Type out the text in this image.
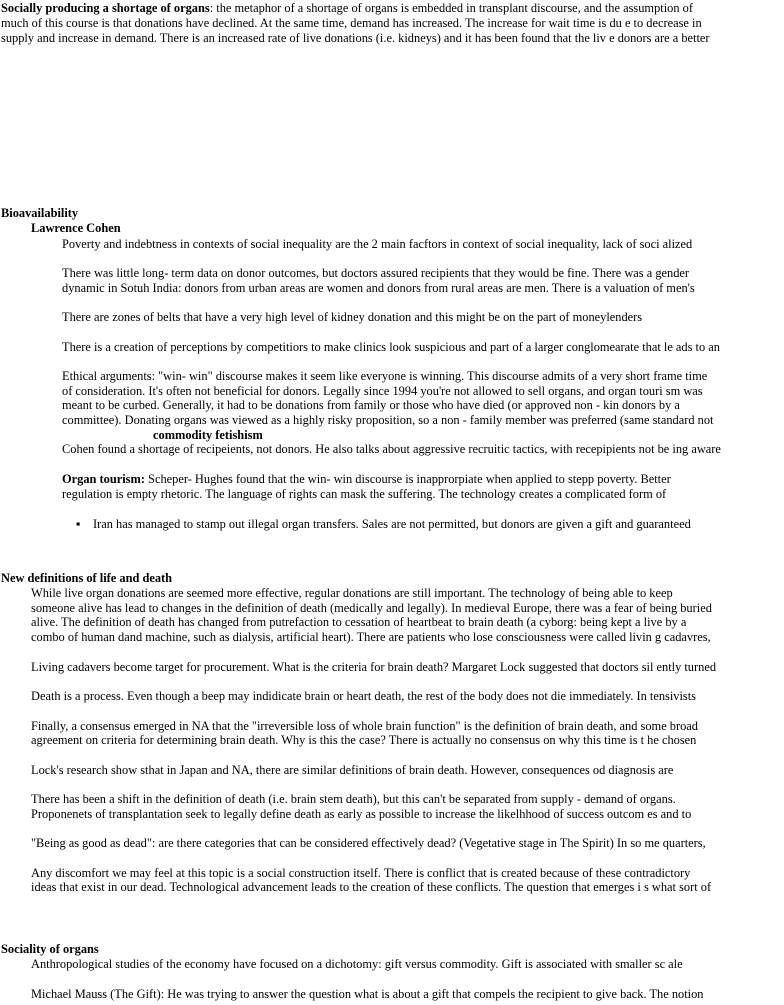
Socially producing a shortage of organs: the metaphor of a shortage of organs is embedded in transplant discourse, and the assumption of
much of this course is that donations have declined. At the same time, demand has increased. The increase for wait time is du e to decrease in
supply and increase in demand. There is an increased rate of live donations (i.e. kidneys) and it has been found that the liv e donors are a better
Bioavailability
Lawrence Cohen
Poverty and indebtness in contexts of social inequality are the 2 main facftors in context of social inequality, lack of soci alized
There was little long- term data on donor outcomes, but doctors assured recipients that they would be fine. There was a gender
dynamic in Sotuh India: donors from urban areas are women and donors from rural areas are men. There is a valuation of men's
There are zones of belts that have a very high level of kidney donation and this might be on the part of moneylenders
There is a creation of perceptions by competitiors to make clinics look suspicious and part of a larger conglomearate that le ads to an
Ethical arguments: "win- win" discourse makes it seem like everyone is winning. This discourse admits of a very short frame time
of consideration. It's often not beneficial for donors. Legally since 1994 you're not allowed to sell organs, and organ touri sm was
meant to be curbed. Generally, it had to be donations from family or those who have died (or approved non - kin donors by a
committee). Donating organs was viewed as a highly risky proposition, so a non - family member was preferred (same standard not
commodity fetishism
Cohen found a shortage of recipeients, not donors. He also talks about aggressive recruitic tactics, with recepipients not be ing aware
Organ tourism: Scheper- Hughes found that the win- win discourse is inapprorpiate when applied to stepp poverty. Better
regulation is empty rhetoric. The language of rights can mask the suffering. The technology creates a complicated form of
▪ Iran has managed to stamp out illegal organ transfers. Sales are not permitted, but donors are given a gift and guaranteed
New definitions of life and death
While live organ donations are seemed more effective, regular donations are still important. The technology of being able to keep
someone alive has lead to changes in the definition of death (medically and legally). In medieval Europe, there was a fear of being buried
alive. The definition of death has changed from putrefaction to cessation of heartbeat to brain death (a cyborg: being kept a live by a
combo of human dand machine, such as dialysis, artificial heart). There are patients who lose consciousness were called livin g cadavres,
Living cadavers become target for procurement. What is the criteria for brain death? Margaret Lock suggested that doctors sil ently turned
Death is a process. Even though a beep may indidicate brain or heart death, the rest of the body does not die immediately. In tensivists
Finally, a consensus emerged in NA that the "irreversible loss of whole brain function" is the definition of brain death, and some broad
agreement on criteria for determining brain death. Why is this the case? There is actually no consensus on why this time is t he chosen
Lock's research show sthat in Japan and NA, there are similar definitions of brain death. However, consequences od diagnosis are
There has been a shift in the definition of death (i.e. brain stem death), but this can't be separated from supply - demand of organs.
Proponenets of transplantation seek to legally define death as early as possible to increase the likelhhood of success outcom es and to
"Being as good as dead": are there categories that can be considered effectively dead? (Vegetative stage in The Spirit) In so me quarters,
Any discomfort we may feel at this topic is a social construction itself. There is conflict that is created because of these contradictory
ideas that exist in our dead. Technological advancement leads to the creation of these conflicts. The question that emerges i s what sort of
Sociality of organs
Anthropological studies of the economy have focused on a dichotomy: gift versus commodity. Gift is associated with smaller sc ale
Michael Mauss (The Gift): He was trying to answer the question what is about a gift that compels the recipient to give back. The notion
